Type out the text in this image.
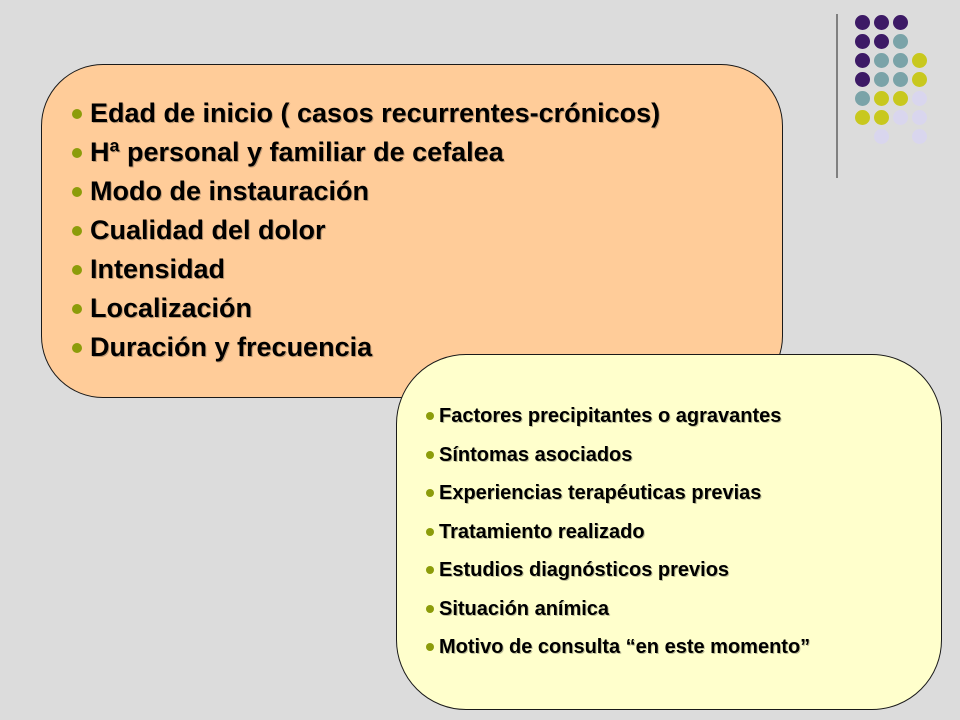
Edad de inicio ( casos recurrentes-crónicos)
Hª personal y familiar de cefalea
Modo de instauración
Cualidad del dolor
Intensidad
Localización
Duración y frecuencia
Factores precipitantes o agravantes
Síntomas asociados
Experiencias terapéuticas previas
Tratamiento realizado
Estudios diagnósticos previos
Situación anímica
Motivo de consulta “en este momento”
